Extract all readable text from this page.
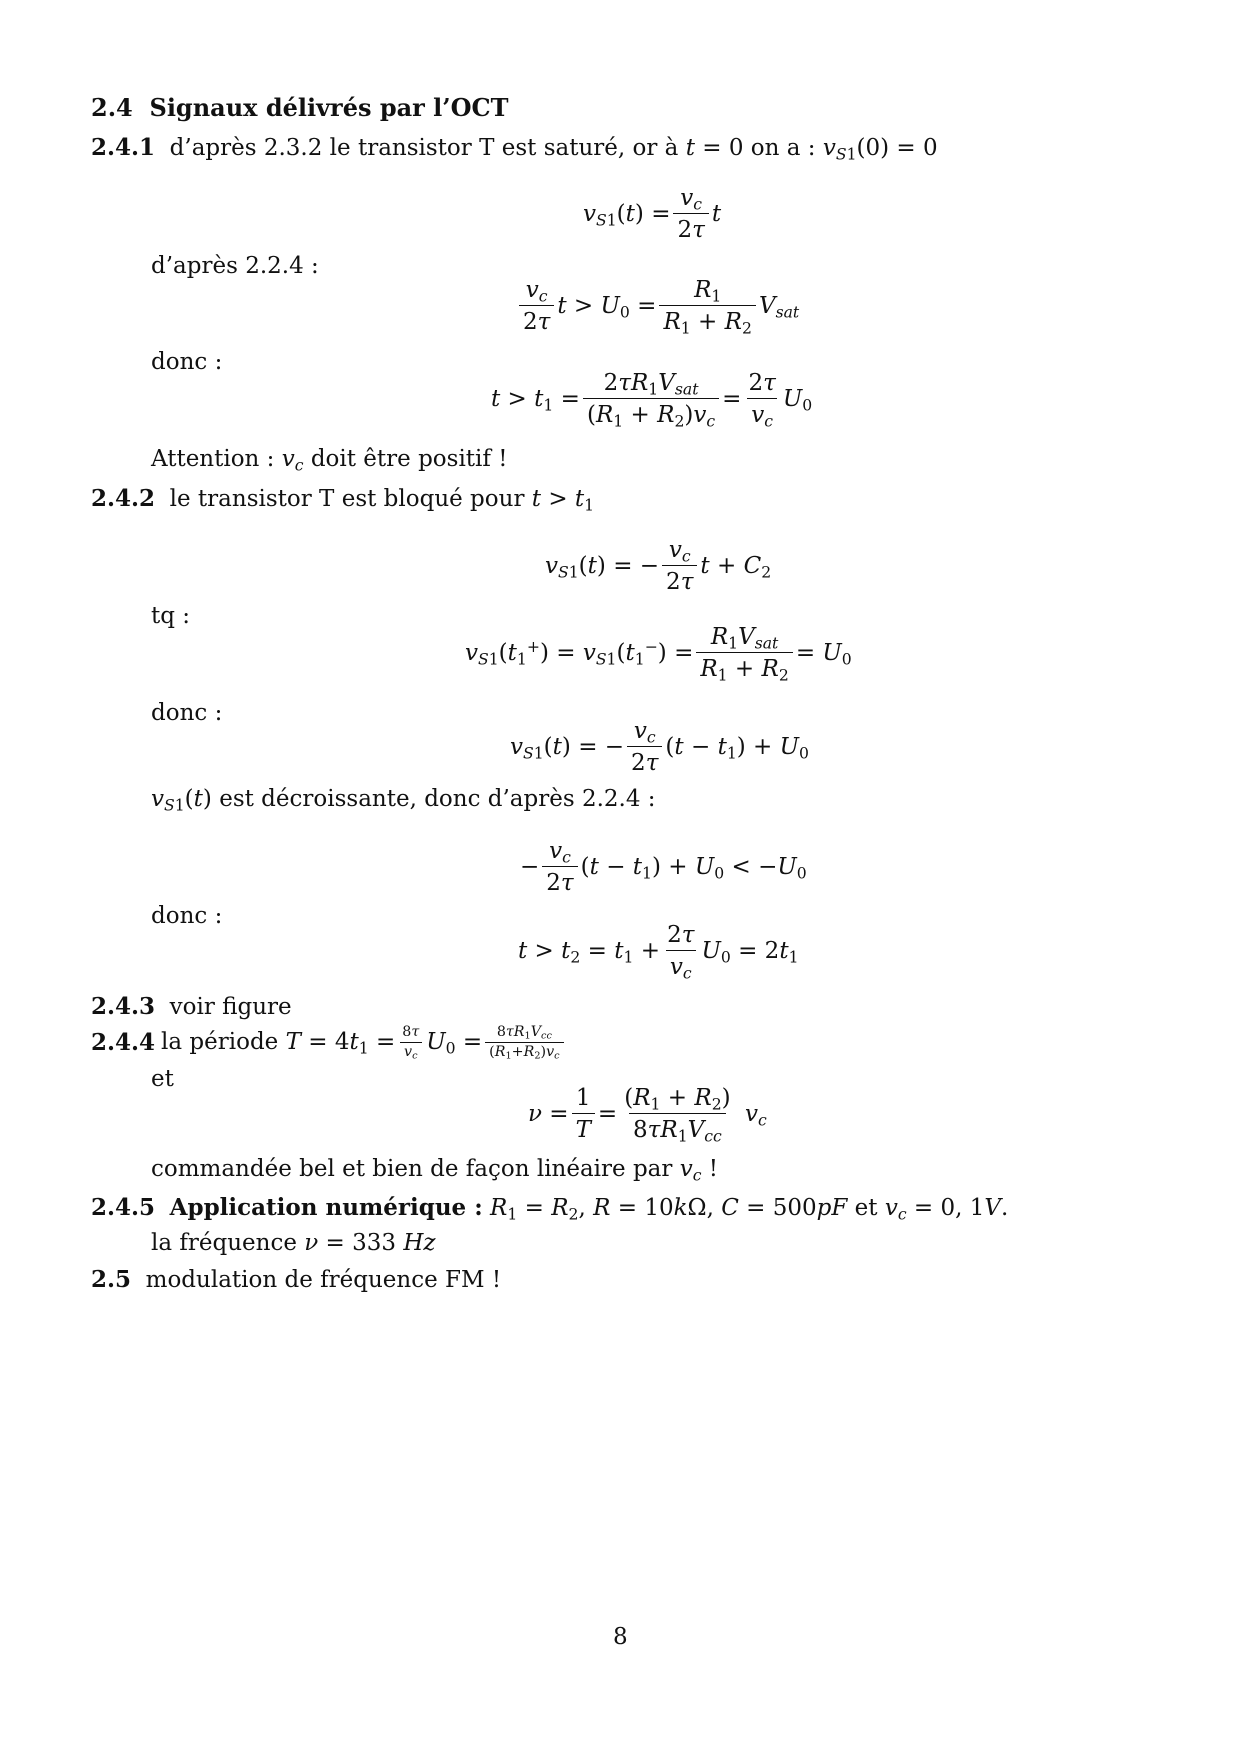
2.4 Signaux délivrés par l’OCT
2.4.1 d’après 2.3.2 le transistor T est saturé, or à t = 0 on a : $v_{S1}(0) = 0$
$v_{S1}(t) = \frac{v_c}{2\tau}$ t
d’après 2.2.4 :
$\frac{v_c}{2\tau}$ $t > U_0 = \frac{R_1}{R_1 + R_2} V_{sat}$
donc :
$t > t_1 = \frac{2\tau R_1V_{sat}}{(R_1 + R_2)v_c} = \frac{2\tau}{v_c} U_0$
Attention : $v_c$ doit être positif !
2.4.2 le transistor T est bloqué pour $t > t_1$
$v_{S1}(t)$ = − $\frac{v_c}{2\tau}$ $t + C_2$
tq :
$v_{S1}(t_1^+) = v_{S1}(t_1^-) = \frac{R_1V_{sat}}{R_1 + R_2} = U_0$
donc :
$v_{S1}(t)$ = − $\frac{v_c}{2\tau} (t - t_1) + U_0$
$v_{S1}(t)$ est décroissante, donc d’après 2.2.4 :
− $\frac{v_c}{2\tau} (t - t_1) + U_0 < -U_0$
donc :
$t > t_2 = t_1 + \frac{2\tau}{v_c} U_0 = 2t_1$
2.4.3 voir figure
2.4.4 la période
$T = 4t_1 = \frac{8\tau}{v_c} U_0 = \frac{8\tau R_1V_{cc}}{(R_1+R_2)v_c}$
et
$\nu = \frac{1}{T} = \frac{(R_1 + R_2)}{8\tau R_1V_{cc}} v_c$
commandée bel et bien de façon linéaire par $v_c$ !
2.4.5 Application numérique : $R_1 = R_2$, R = 10kΩ, C = 500pF et $v_c = 0$, 1V.
la fréquence ν = 333 Hz
2.5 modulation de fréquence FM !
8
